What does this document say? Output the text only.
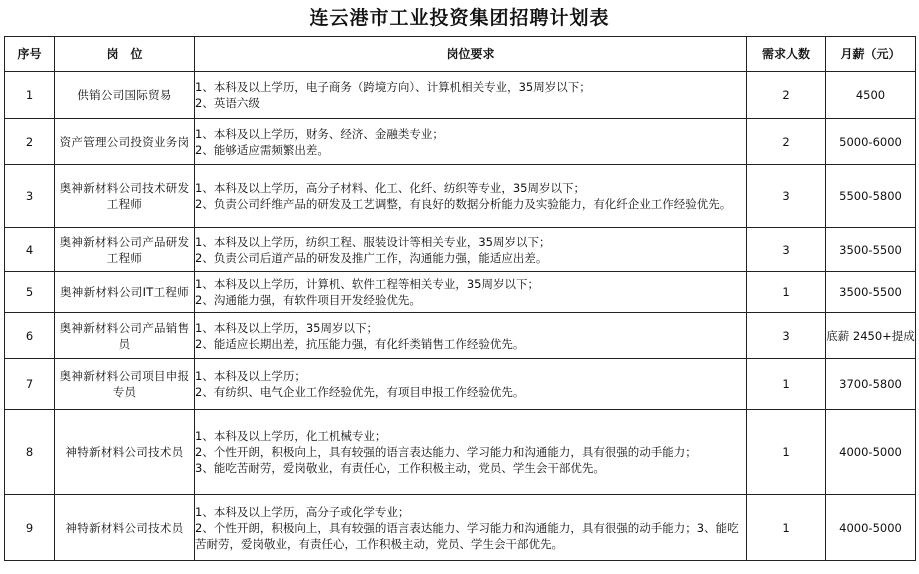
连云港市工业投资集团招聘计划表
序号	岗　位	岗位要求	需求人数	月薪（元）
1	供销公司国际贸易	1、本科及以上学历，电子商务（跨境方向）、计算机相关专业，35周岁以下；
2、英语六级	2	4500
2	资产管理公司投资业务岗	1、本科及以上学历，财务、经济、金融类专业；
2、能够适应需频繁出差。	2	5000-6000
3	奥神新材料公司技术研发工程师	1、本科及以上学历，高分子材料、化工、化纤、纺织等专业，35周岁以下；
2、负责公司纤维产品的研发及工艺调整，有良好的数据分析能力及实验能力，有化纤企业工作经验优先。	3	5500-5800
4	奥神新材料公司产品研发工程师	1、本科及以上学历，纺织工程、服装设计等相关专业，35周岁以下；
2、负责公司后道产品的研发及推广工作，沟通能力强，能适应出差。	3	3500-5500
5	奥神新材料公司IT工程师	1、本科及以上学历，计算机、软件工程等相关专业，35周岁以下；
2、沟通能力强，有软件项目开发经验优先。	1	3500-5500
6	奥神新材料公司产品销售员	1、本科及以上学历，35周岁以下；
2、能适应长期出差，抗压能力强，有化纤类销售工作经验优先。	3	底薪 2450+提成
7	奥神新材料公司项目申报专员	1、本科及以上学历；
2、有纺织、电气企业工作经验优先，有项目申报工作经验优先。	1	3700-5800
8	神特新材料公司技术员	1、本科及以上学历，化工机械专业；
2、个性开朗，积极向上，具有较强的语言表达能力、学习能力和沟通能力，具有很强的动手能力；
3、能吃苦耐劳，爱岗敬业，有责任心，工作积极主动，党员、学生会干部优先。	1	4000-5000
9	神特新材料公司技术员	1、本科及以上学历，高分子或化学专业；
2、个性开朗，积极向上，具有较强的语言表达能力、学习能力和沟通能力，具有很强的动手能力；3、能吃苦耐劳，爱岗敬业，有责任心，工作积极主动，党员、学生会干部优先。	1	4000-5000
